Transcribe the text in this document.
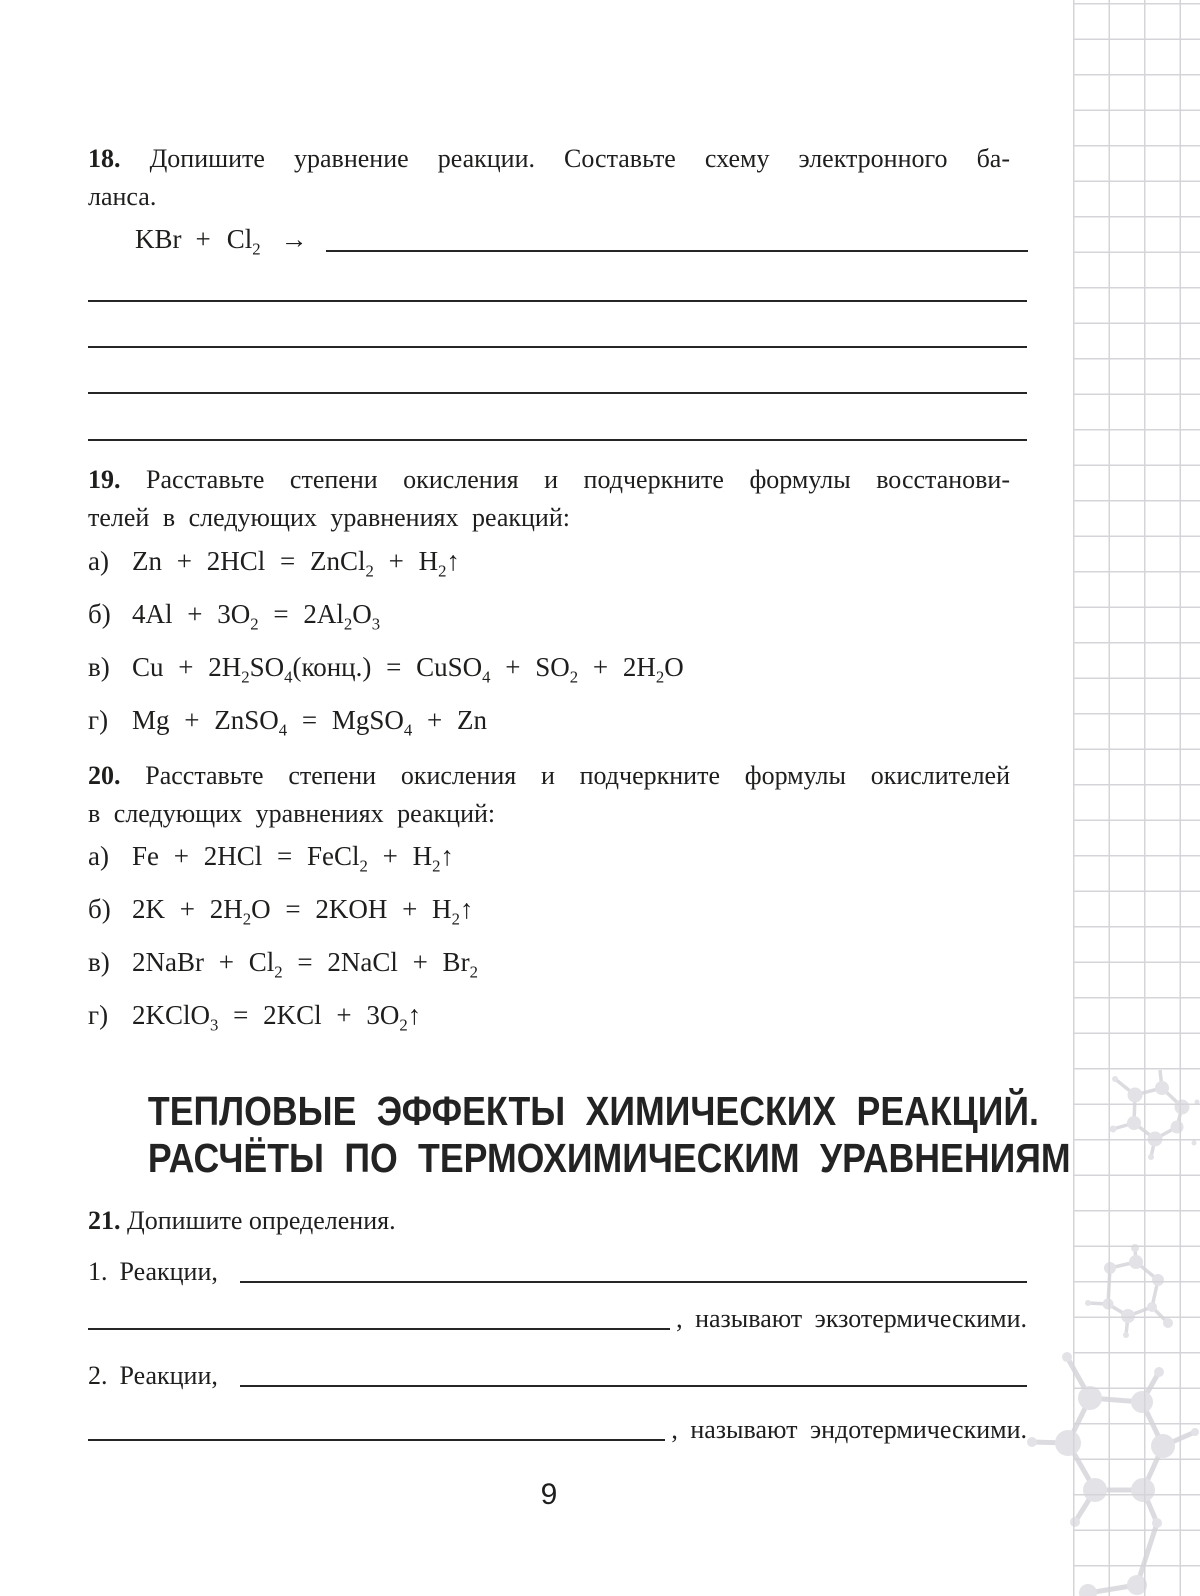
18. Допишите уравнение реакции. Составьте схему электронного ба-
ланса.
KBr + $Cl_2$ →
19. Расставьте степени окисления и подчеркните формулы восстанови-
телей в следующих уравнениях реакций:
а) Zn + 2HCl = ZnCl$_2$ + $H_2↑$
б) $4Al + 3O_2 = 2Al_2O_3$
в) $Cu + 2H_2SO_4(конц.)$ = CuSO$_4$ + $SO_2 + 2H_2O$
г) Mg + ZnSO$_4$ = MgSO$_4$ + Zn
20. Расставьте степени окисления и подчеркните формулы окислителей
в следующих уравнениях реакций:
а) Fe + 2HCl = FeCl$_2$ + $H_2↑$
б) $2K + 2H_2O = 2KOH$ + $H_2↑$
в) 2NaBr + $Cl_2$ = 2NaCl + $Br_2$
г) 2KClO$_3$ = $2KCl + 3O_2↑$
ТЕПЛОВЫЕ ЭФФЕКТЫ ХИМИЧЕСКИХ РЕАКЦИЙ.
РАСЧЁТЫ ПО ТЕРМОХИМИЧЕСКИМ УРАВНЕНИЯМ
21. Допишите определения.
1. Реакции,
, называют экзотермическими.
2. Реакции,
, называют эндотермическими.
9
